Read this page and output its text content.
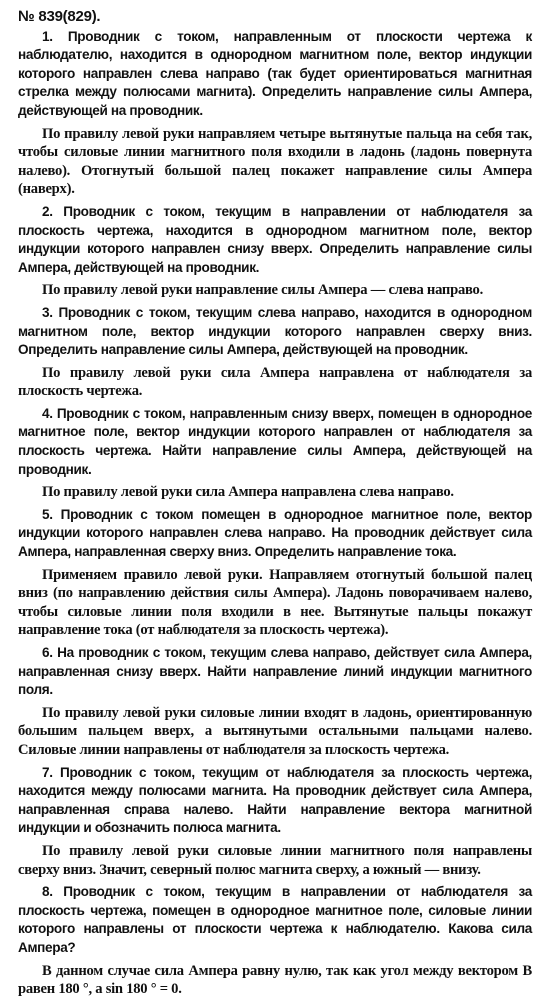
№ 839(829).

1. Проводник с током, направленным от плоскости чертежа к наблюдателю, находится в однородном магнитном поле, вектор индукции которого направлен слева направо (так будет ориентироваться магнитная стрелка между полюсами магнита). Определить направление силы Ампера, действующей на проводник.

По правилу левой руки направляем четыре вытянутые пальца на себя так, чтобы силовые линии магнитного поля входили в ладонь (ладонь повернута налево). Отогнутый большой палец покажет направление силы Ампера (наверх).

2. Проводник с током, текущим в направлении от наблюдателя за плоскость чертежа, находится в однородном магнитном поле, вектор индукции которого направлен снизу вверх. Определить направление силы Ампера, действующей на проводник.

По правилу левой руки направление силы Ампера — слева направо.

3. Проводник с током, текущим слева направо, находится в однородном магнитном поле, вектор индукции которого направлен сверху вниз. Определить направление силы Ампера, действующей на проводник.

По правилу левой руки сила Ампера направлена от наблюдателя за плоскость чертежа.

4. Проводник с током, направленным снизу вверх, помещен в однородное магнитное поле, вектор индукции которого направлен от наблюдателя за плоскость чертежа. Найти направление силы Ампера, действующей на проводник.

По правилу левой руки сила Ампера направлена слева направо.

5. Проводник с током помещен в однородное магнитное поле, вектор индукции которого направлен слева направо. На проводник действует сила Ампера, направленная сверху вниз. Определить направление тока.

Применяем правило левой руки. Направляем отогнутый большой палец вниз (по направлению действия силы Ампера). Ладонь поворачиваем налево, чтобы силовые линии поля входили в нее. Вытянутые пальцы покажут направление тока (от наблюдателя за плоскость чертежа).

6. На проводник с током, текущим слева направо, действует сила Ампера, направленная снизу вверх. Найти направление линий индукции магнитного поля.

По правилу левой руки силовые линии входят в ладонь, ориентированную большим пальцем вверх, а вытянутыми остальными пальцами налево. Силовые линии направлены от наблюдателя за плоскость чертежа.

7. Проводник с током, текущим от наблюдателя за плоскость чертежа, находится между полюсами магнита. На проводник действует сила Ампера, направленная справа налево. Найти направление вектора магнитной индукции и обозначить полюса магнита.

По правилу левой руки силовые линии магнитного поля направлены сверху вниз. Значит, северный полюс магнита сверху, а южный — внизу.

8. Проводник с током, текущим в направлении от наблюдателя за плоскость чертежа, помещен в однородное магнитное поле, силовые линии которого направлены от плоскости чертежа к наблюдателю. Какова сила Ампера?

В данном случае сила Ампера равну нулю, так как угол между вектором B равен 180 °, а sin 180 ° = 0.
